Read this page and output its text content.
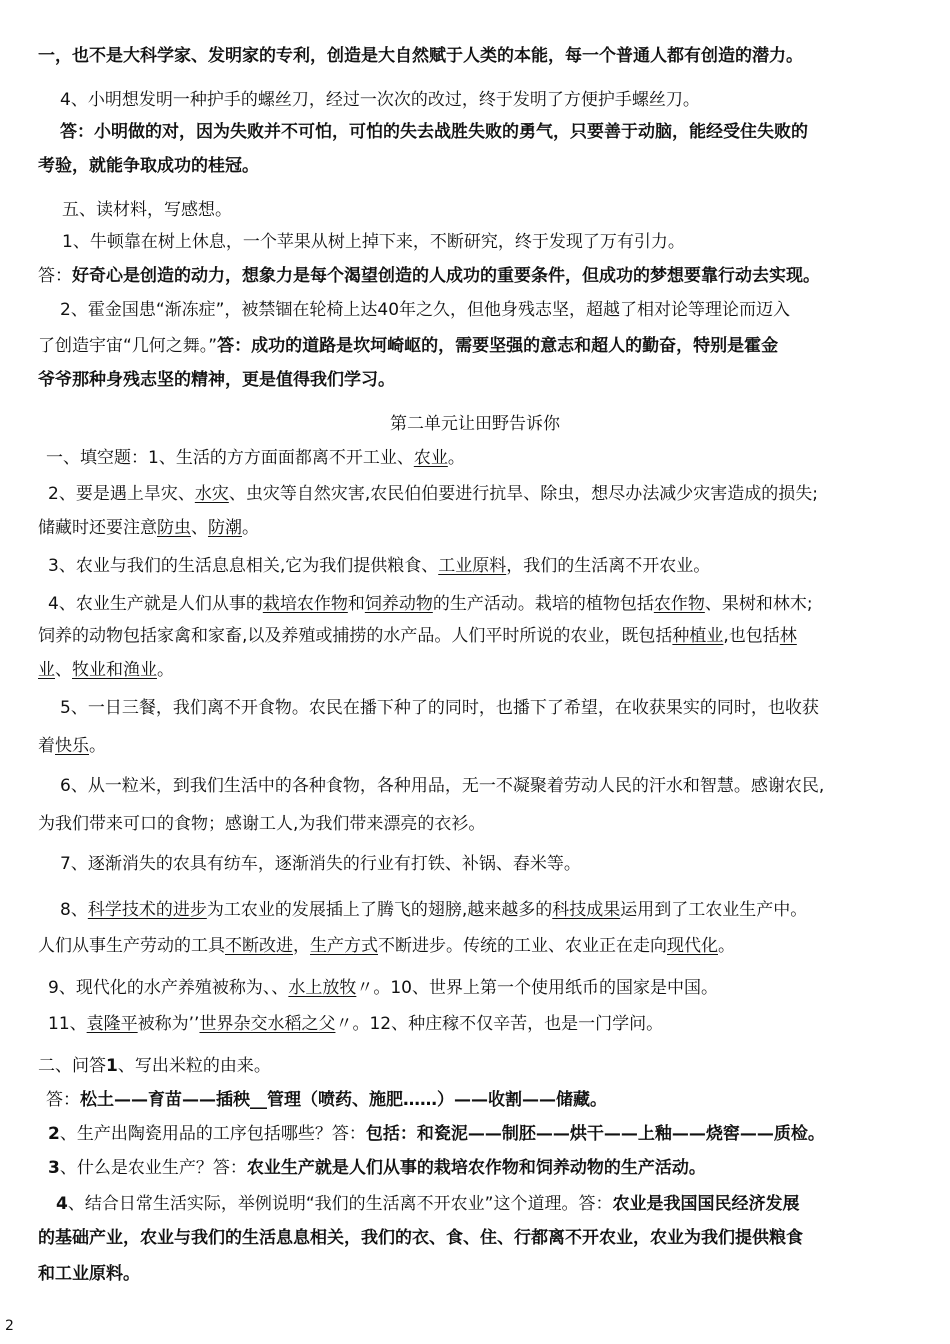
一，也不是大科学家、发明家的专利，创造是大自然赋于人类的本能，每一个普通人都有创造的潜力。
4、小明想发明一种护手的螺丝刀，经过一次次的改过，终于发明了方便护手螺丝刀。
答：小明做的对，因为失败并不可怕，可怕的失去战胜失败的勇气，只要善于动脑，能经受住失败的
考验，就能争取成功的桂冠。
五、读材料，写感想。
1、牛顿靠在树上休息，一个苹果从树上掉下来，不断研究，终于发现了万有引力。
答：好奇心是创造的动力，想象力是每个渴望创造的人成功的重要条件，但成功的梦想要靠行动去实现。
2、霍金国患“渐冻症”，被禁锢在轮椅上达40年之久，但他身残志坚，超越了相对论等理论而迈入
了创造宇宙“几何之舞。”答：成功的道路是坎坷崎岖的，需要坚强的意志和超人的勤奋，特别是霍金
爷爷那种身残志坚的精神，更是值得我们学习。
第二单元让田野告诉你
一、填空题：1、生活的方方面面都离不开工业、农业。
2、要是遇上旱灾、水灾、虫灾等自然灾害,农民伯伯要进行抗旱、除虫，想尽办法减少灾害造成的损失;
储藏时还要注意防虫、防潮。
3、农业与我们的生活息息相关,它为我们提供粮食、工业原料，我们的生活离不开农业。
4、农业生产就是人们从事的栽培农作物和饲养动物的生产活动。栽培的植物包括农作物、果树和林木;
饲养的动物包括家禽和家畜,以及养殖或捕捞的水产品。人们平时所说的农业，既包括种植业,也包括林
业、牧业和渔业。
5、一日三餐，我们离不开食物。农民在播下种了的同时，也播下了希望，在收获果实的同时，也收获
着快乐。
6、从一粒米，到我们生活中的各种食物，各种用品，无一不凝聚着劳动人民的汗水和智慧。感谢农民,
为我们带来可口的食物；感谢工人,为我们带来漂亮的衣衫。
7、逐渐消失的农具有纺车，逐渐消失的行业有打铁、补锅、舂米等。
8、科学技术的进步为工农业的发展插上了腾飞的翅膀,越来越多的科技成果运用到了工农业生产中。
人们从事生产劳动的工具不断改进，生产方式不断进步。传统的工业、农业正在走向现代化。
9、现代化的水产养殖被称为、、水上放牧〃。10、世界上第一个使用纸币的国家是中国。
11、袁隆平被称为’’世界杂交水稻之父〃。12、种庄稼不仅辛苦，也是一门学问。
二、问答1、写出米粒的由来。
答：松土——育苗——插秧__管理（喷药、施肥……）——收割——储藏。
2、生产出陶瓷用品的工序包括哪些？答：包括：和瓷泥——制胚——烘干——上釉——烧窖——质检。
3、什么是农业生产？答：农业生产就是人们从事的栽培农作物和饲养动物的生产活动。
4、结合日常生活实际，举例说明“我们的生活离不开农业”这个道理。答：农业是我国国民经济发展
的基础产业，农业与我们的生活息息相关，我们的衣、食、住、行都离不开农业，农业为我们提供粮食
和工业原料。
2
